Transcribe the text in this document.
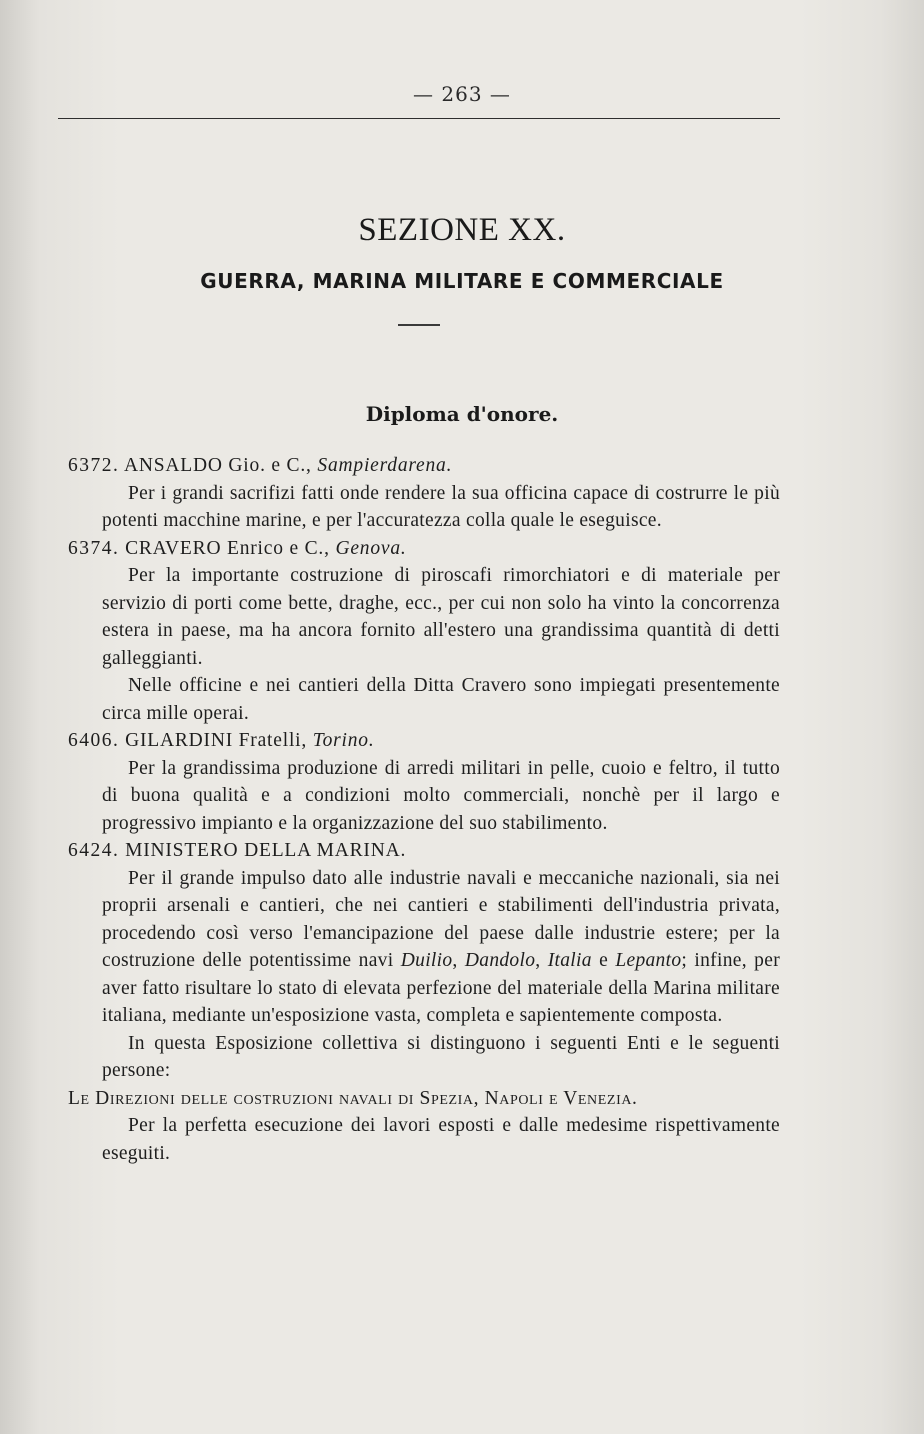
— 263 —
SEZIONE XX.
GUERRA, MARINA MILITARE E COMMERCIALE
Diploma d'onore.

6372. ANSALDO Gio. e C., Sampierdarena.

Per i grandi sacrifizi fatti onde rendere la sua officina capace di costrurre le più potenti macchine marine, e per l'accuratezza colla quale le eseguisce.

6374. CRAVERO Enrico e C., Genova.

Per la importante costruzione di piroscafi rimorchiatori e di materiale per servizio di porti come bette, draghe, ecc., per cui non solo ha vinto la concorrenza estera in paese, ma ha ancora fornito all'estero una grandissima quantità di detti galleggianti.

Nelle officine e nei cantieri della Ditta Cravero sono impiegati presentemente circa mille operai.

6406. GILARDINI Fratelli, Torino.

Per la grandissima produzione di arredi militari in pelle, cuoio e feltro, il tutto di buona qualità e a condizioni molto commerciali, nonchè per il largo e progressivo impianto e la organizzazione del suo stabilimento.

6424. MINISTERO DELLA MARINA.

Per il grande impulso dato alle industrie navali e meccaniche nazionali, sia nei proprii arsenali e cantieri, che nei cantieri e stabilimenti dell'industria privata, procedendo così verso l'emancipazione del paese dalle industrie estere; per la costruzione delle potentissime navi Duilio, Dandolo, Italia e Lepanto; infine, per aver fatto risultare lo stato di elevata perfezione del materiale della Marina militare italiana, mediante un'esposizione vasta, completa e sapientemente composta.

In questa Esposizione collettiva si distinguono i seguenti Enti e le seguenti persone:

Le Direzioni delle costruzioni navali di Spezia, Napoli e Venezia.

Per la perfetta esecuzione dei lavori esposti e dalle medesime rispettivamente eseguiti.
